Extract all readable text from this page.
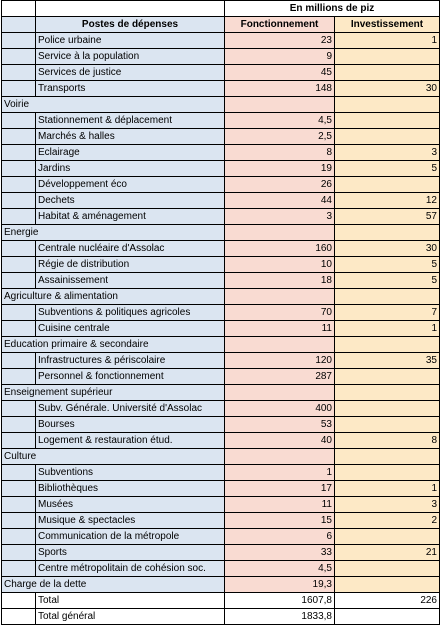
		En millions de piz	
	Postes de dépenses	Fonctionnement	Investissement
	Police urbaine	23	1
	Service à la population	9	
	Services de justice	45	
	Transports	148	30
Voirie			
	Stationnement & déplacement	4,5	
	Marchés & halles	2,5	
	Eclairage	8	3
	Jardins	19	5
	Développement éco	26	
	Dechets	44	12
	Habitat & aménagement	3	57
Energie			
	Centrale nucléaire d'Assolac	160	30
	Régie de distribution	10	5
	Assainissement	18	5
Agriculture & alimentation			
	Subventions & politiques agricoles	70	7
	Cuisine centrale	11	1
Education primaire & secondaire			
	Infrastructures & périscolaire	120	35
	Personnel & fonctionnement	287	
Enseignement supérieur			
	Subv. Générale. Université d'Assolac	400	
	Bourses	53	
	Logement & restauration étud.	40	8
Culture			
	Subventions	1	
	Bibliothèques	17	1
	Musées	11	3
	Musique & spectacles	15	2
	Communication de la métropole	6	
	Sports	33	21
	Centre métropolitain de cohésion soc.	4,5	
Charge de la dette		19,3	
	Total	1607,8	226
	Total général	1833,8	
